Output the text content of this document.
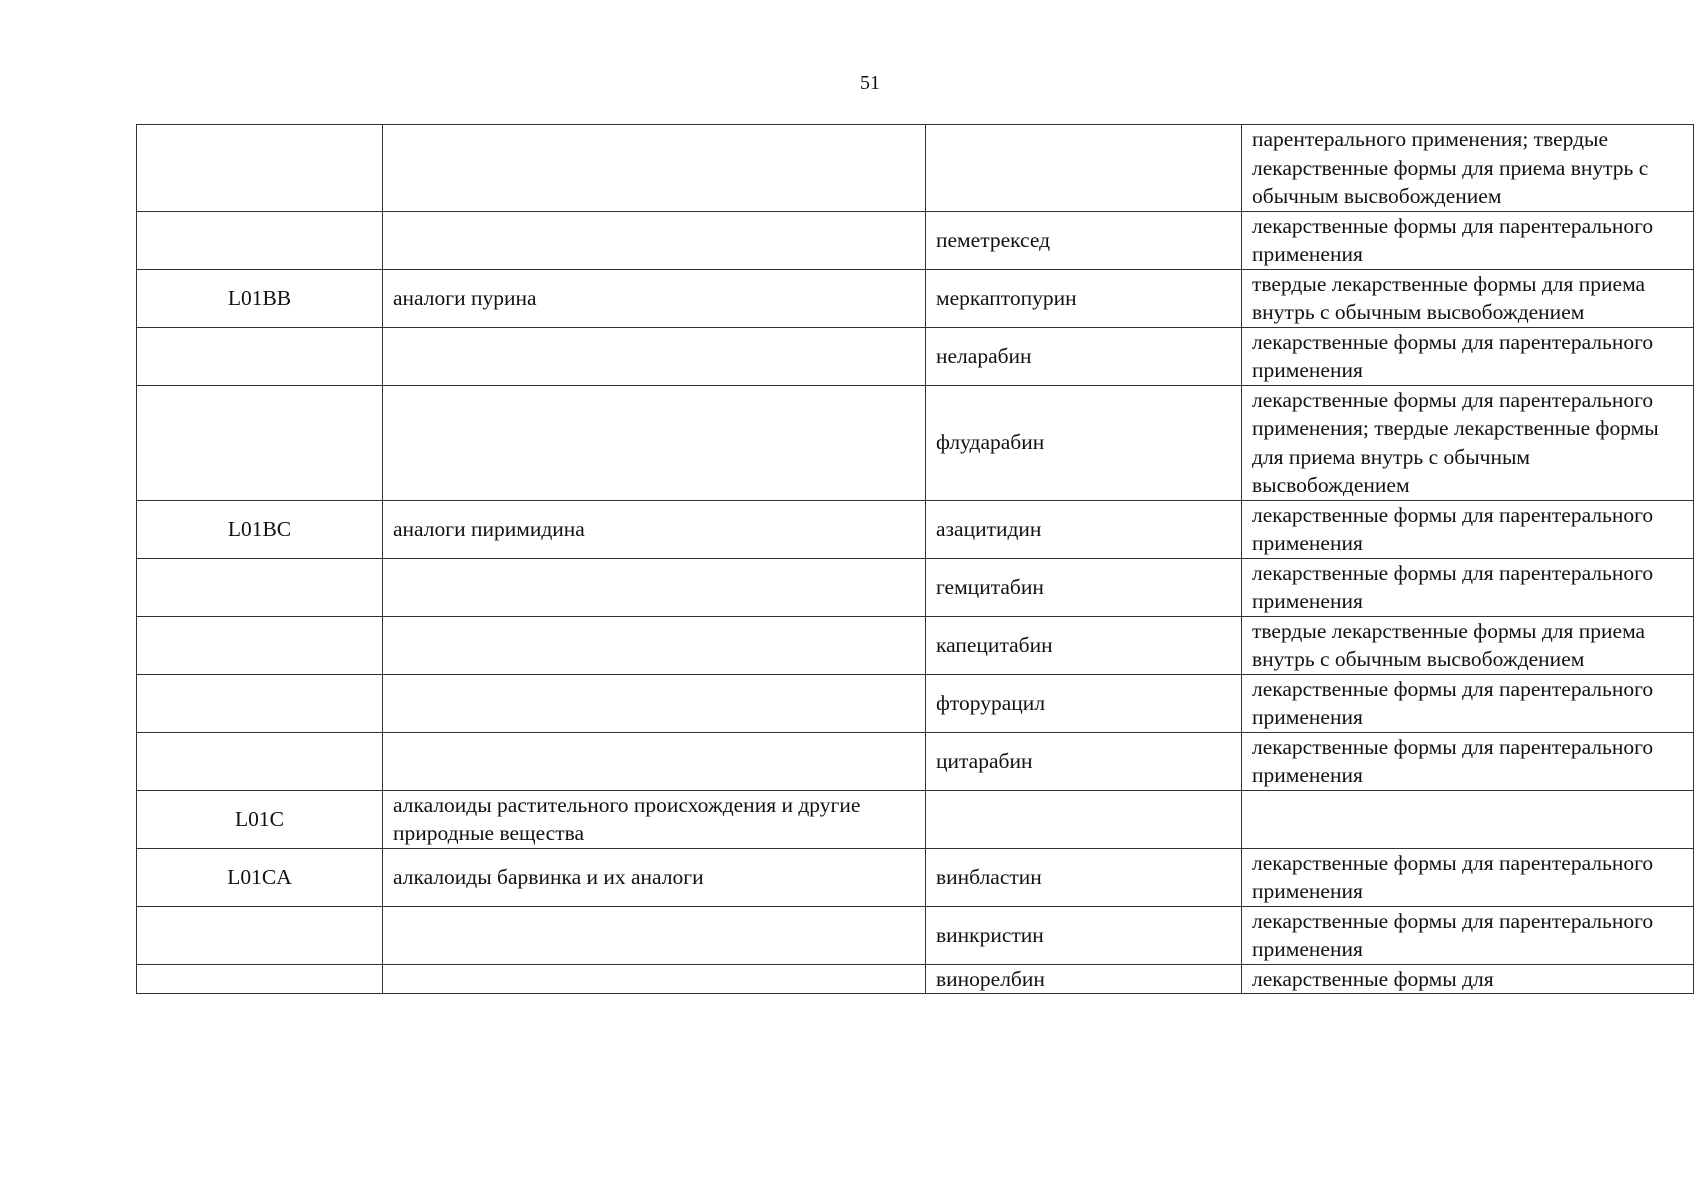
51
			парентерального применения; твердые лекарственные формы для приема внутрь с обычным высвобождением
		пеметрексед	лекарственные формы для парентерального применения
L01BB	аналоги пурина	меркаптопурин	твердые лекарственные формы для приема внутрь с обычным высвобождением
		неларабин	лекарственные формы для парентерального применения
		флударабин	лекарственные формы для парентерального применения; твердые лекарственные формы для приема внутрь с обычным высвобождением
L01BC	аналоги пиримидина	азацитидин	лекарственные формы для парентерального применения
		гемцитабин	лекарственные формы для парентерального применения
		капецитабин	твердые лекарственные формы для приема внутрь с обычным высвобождением
		фторурацил	лекарственные формы для парентерального применения
		цитарабин	лекарственные формы для парентерального применения
L01C	алкалоиды растительного происхождения и другие природные вещества		
L01CA	алкалоиды барвинка и их аналоги	винбластин	лекарственные формы для парентерального применения
		винкристин	лекарственные формы для парентерального применения
		винорелбин	лекарственные формы для
